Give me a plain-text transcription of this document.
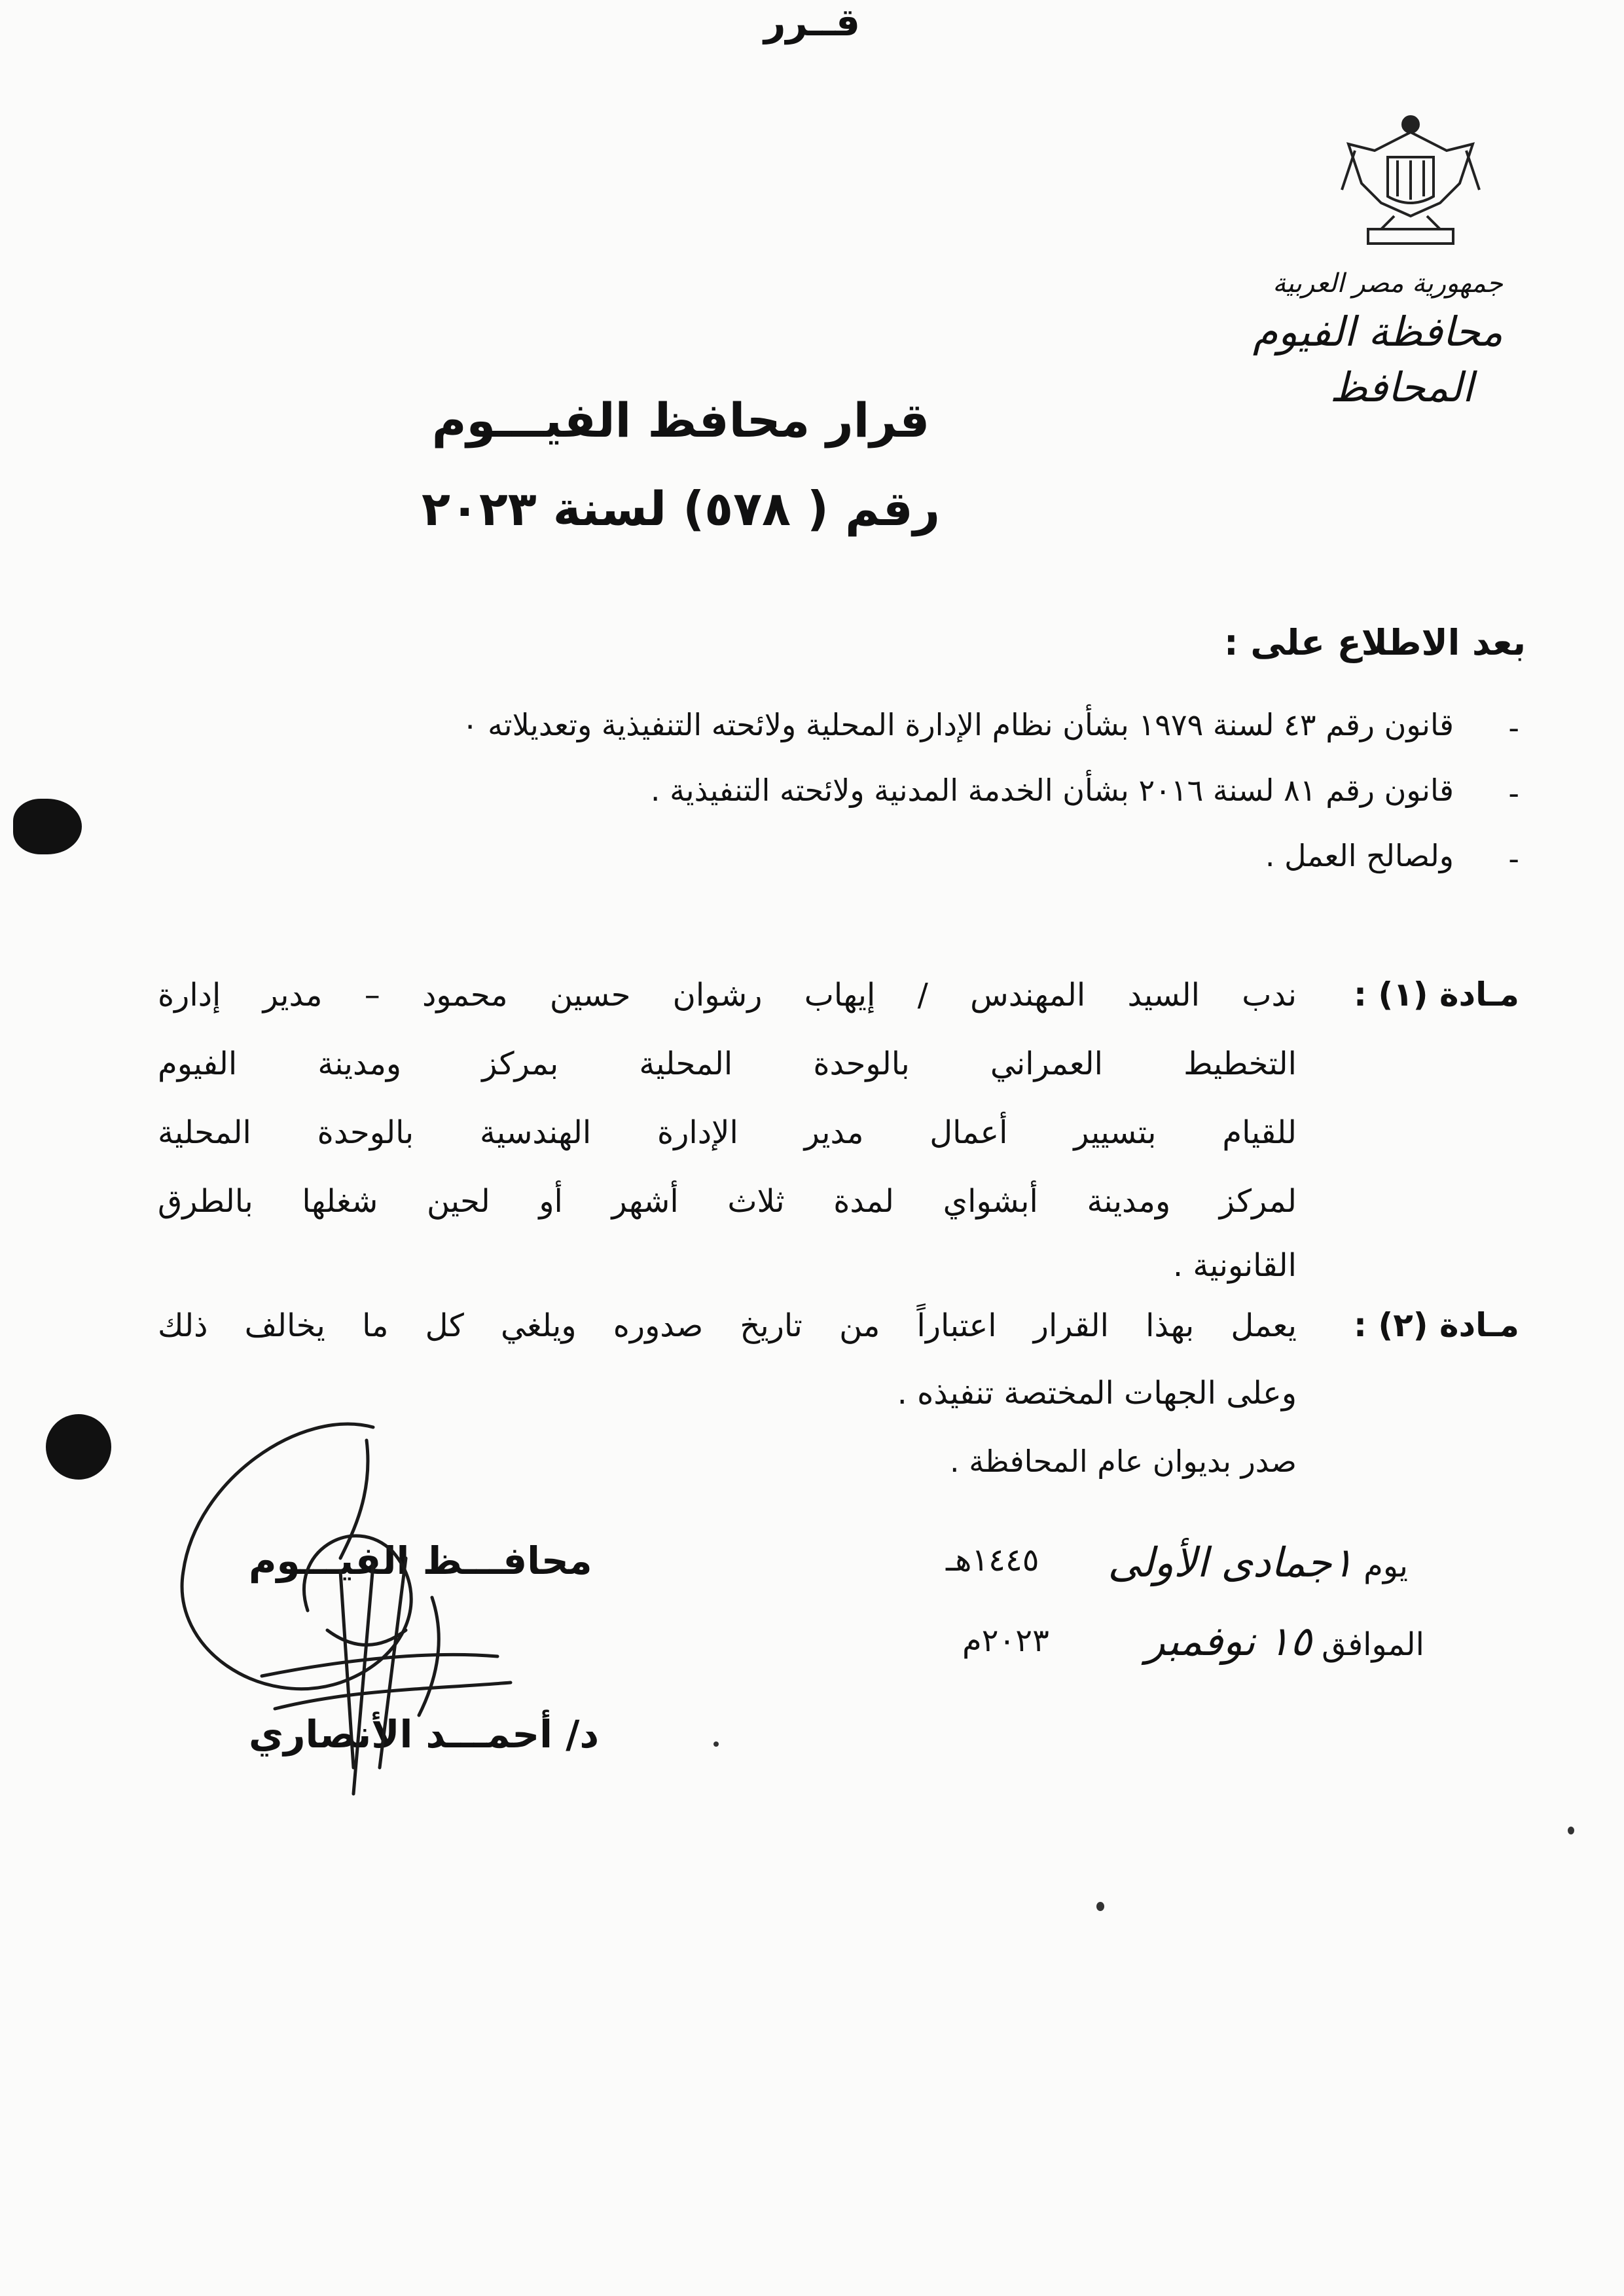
جمهورية مصر العربية
محافظة الفيوم
المحافظ
قرار محافظ الفيـــوم
رقم ( ٥٧٨) لسنة ٢٠٢٣
بعد الاطلاع على :
-
قانون رقم ٤٣ لسنة ١٩٧٩ بشأن نظام الإدارة المحلية ولائحته التنفيذية وتعديلاته ٠
-
قانون رقم ٨١ لسنة ٢٠١٦ بشأن الخدمة المدنية ولائحته التنفيذية .
-
ولصالح العمل .
قــرر
مـادة (١) :
ندب السيد المهندس / إيهاب رشوان حسين محمود – مدير إدارة
التخطيط العمراني بالوحدة المحلية بمركز ومدينة الفيوم
للقيام بتسيير أعمال مدير الإدارة الهندسية بالوحدة المحلية
لمركز ومدينة أبشواي لمدة ثلاث أشهر أو لحين شغلها بالطرق
القانونية .
مـادة (٢) :
يعمل بهذا القرار اعتباراً من تاريخ صدوره ويلغي كل ما يخالف ذلك
وعلى الجهات المختصة تنفيذه .
صدر بديوان عام المحافظة .
يوم ١جمادى الأولى
١٤٤٥هـ
الموافق ١٥ نوفمبر
٢٠٢٣م
محافـــظ الفيـــوم
د/ أحمـــد الأنصاري
